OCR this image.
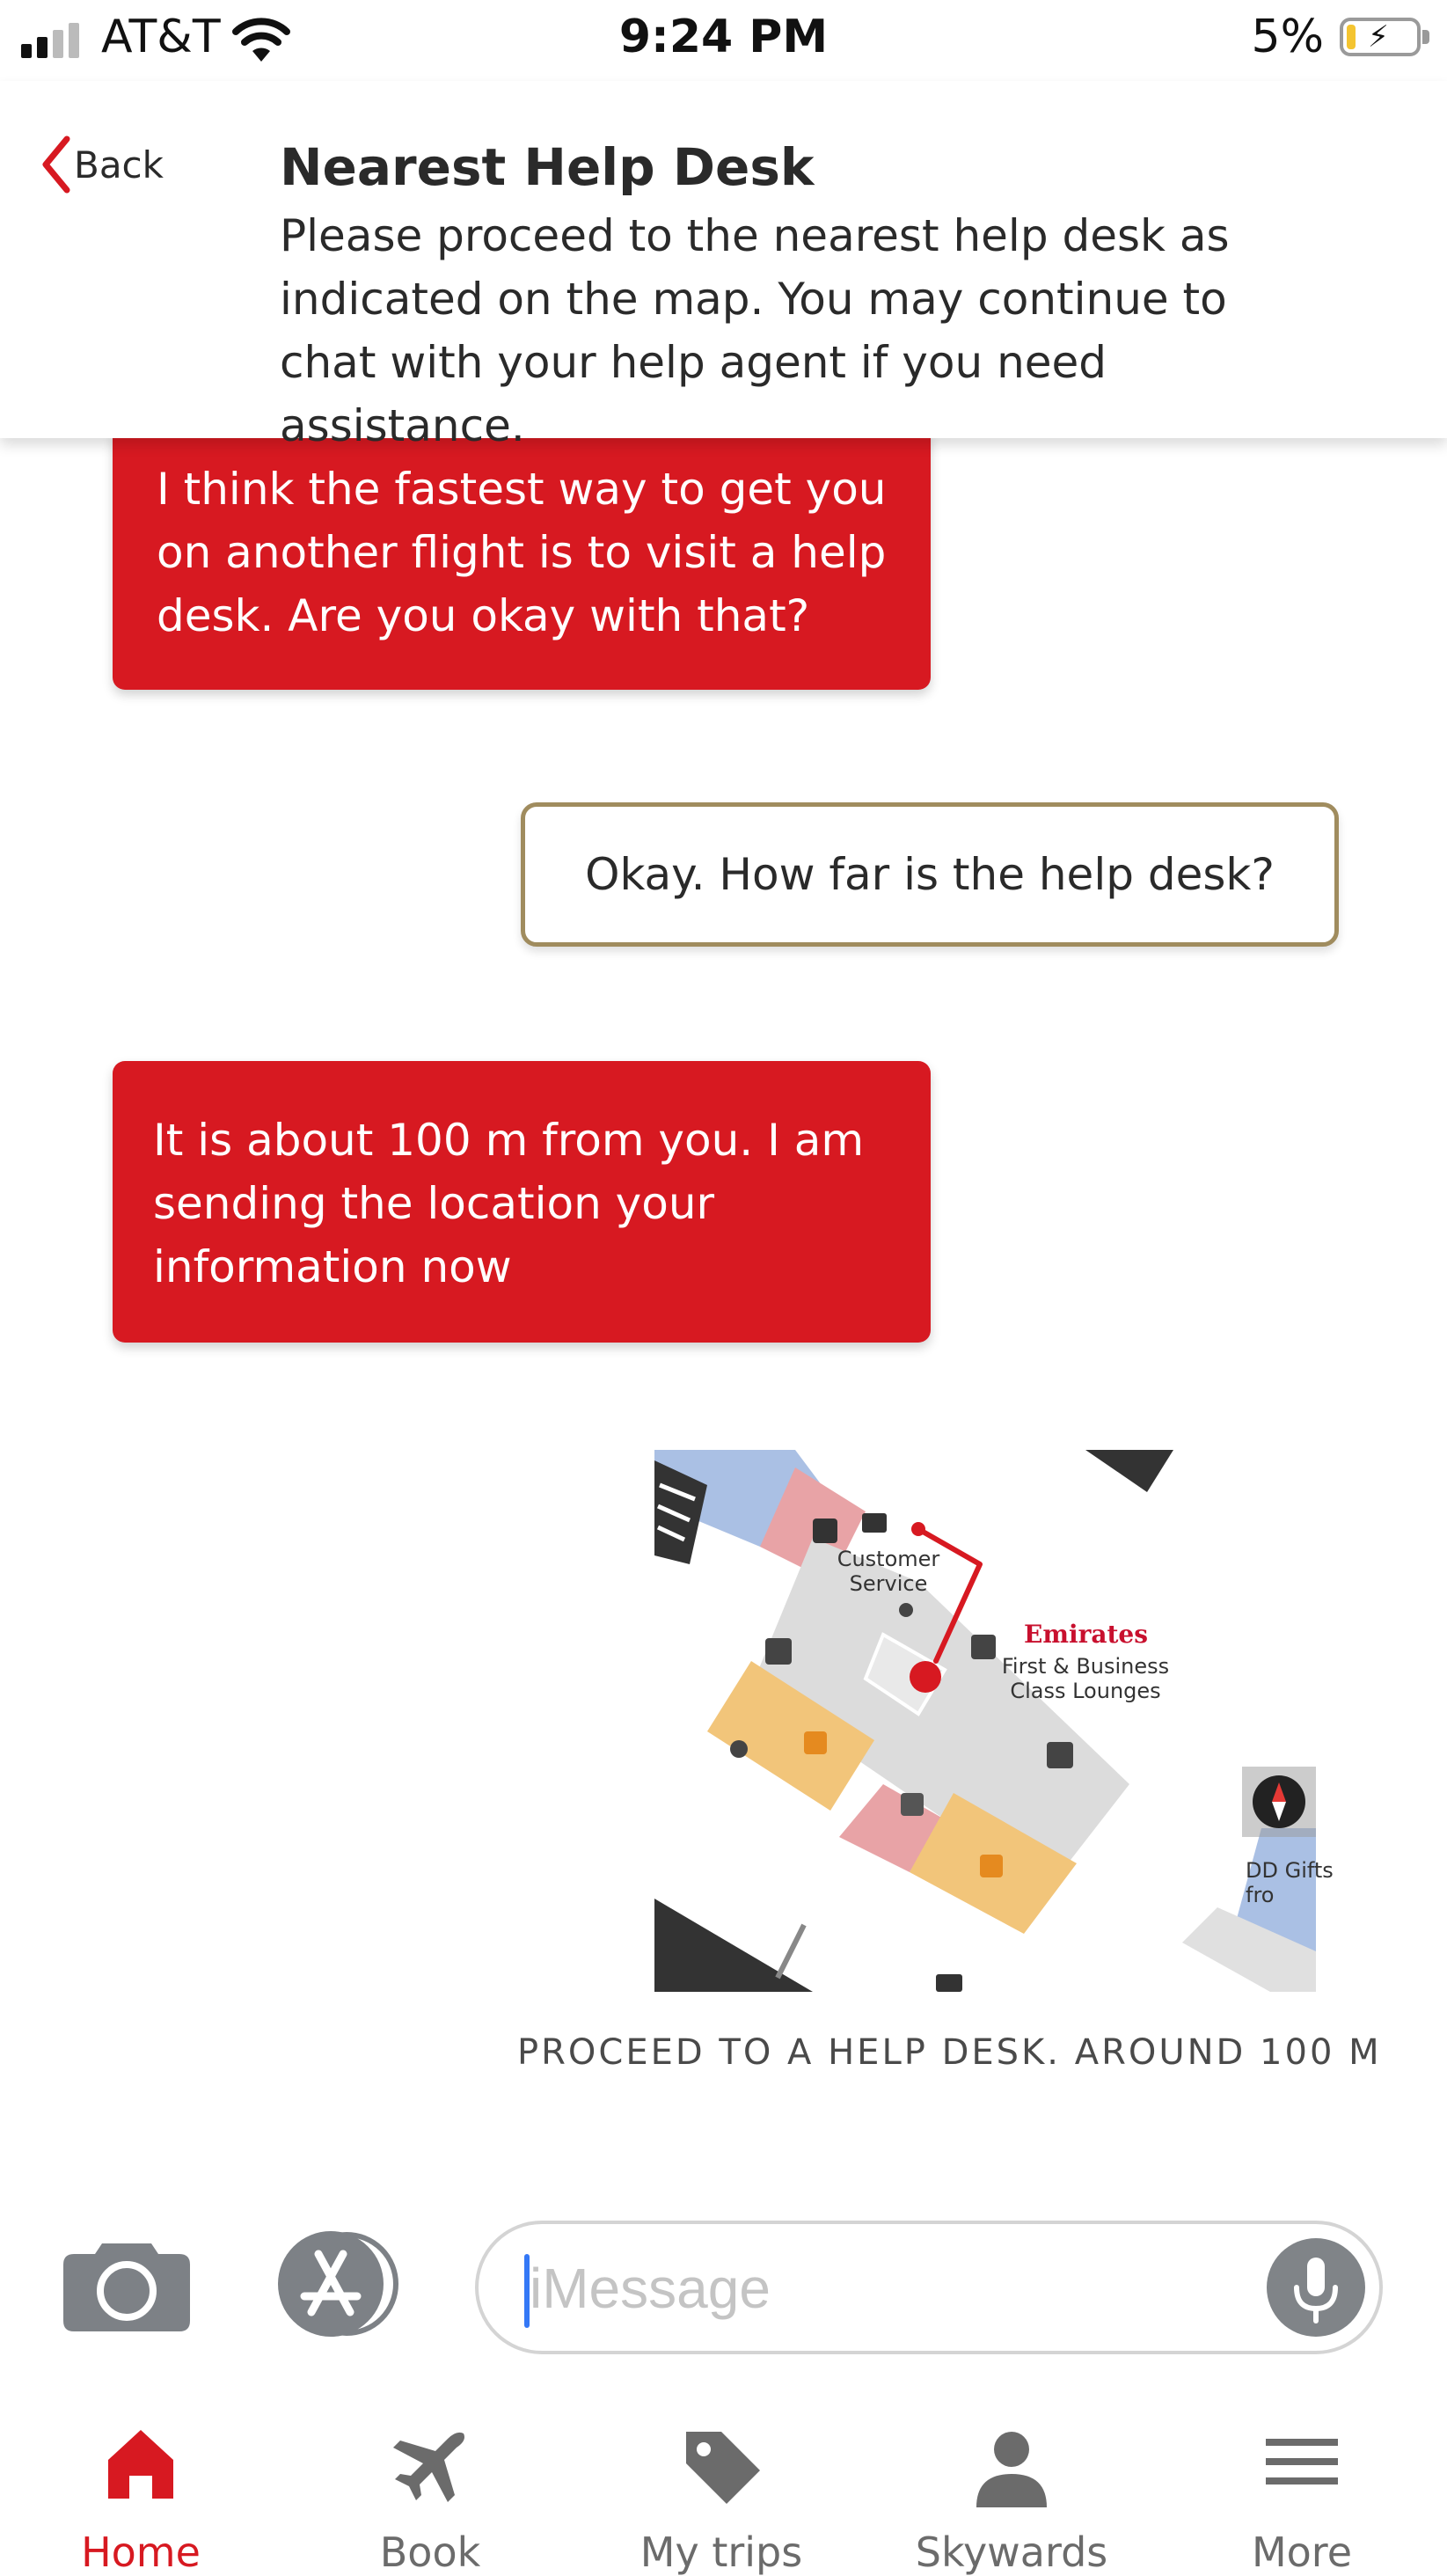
AT&T	9:24 PM	5% ⚡
Back Nearest Help Desk
Please proceed to the nearest help desk as indicated on the map. You may continue to chat with your help agent if you need assistance.
I think the fastest way to get you on another flight is to visit a help desk. Are you okay with that?
Okay. How far is the help desk?
It is about 100 m from you. I am sending the location your information now
Customer Service
Emirates
First & Business Class Lounges
DD Gifts fro
PROCEED TO A HELP DESK. AROUND 100 M
iMessage
Home	Book	My trips	Skywards	More
